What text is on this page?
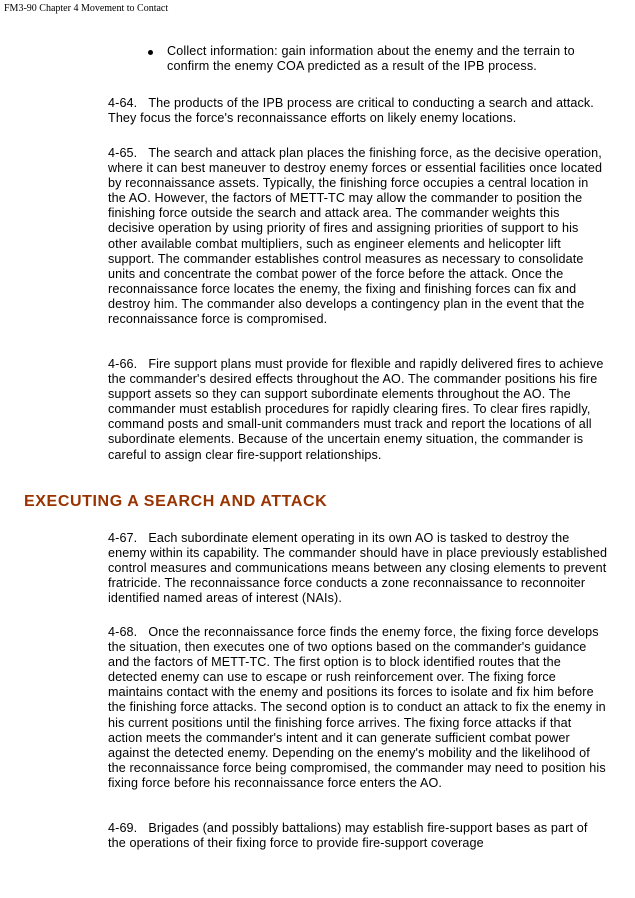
FM3-90 Chapter 4 Movement to Contact
Collect information: gain information about the enemy and the terrain to confirm the enemy COA predicted as a result of the IPB process.

4-64. The products of the IPB process are critical to conducting a search and attack. They focus the force's reconnaissance efforts on likely enemy locations.

4-65. The search and attack plan places the finishing force, as the decisive operation, where it can best maneuver to destroy enemy forces or essential facilities once located by reconnaissance assets. Typically, the finishing force occupies a central location in the AO. However, the factors of METT-TC may allow the commander to position the finishing force outside the search and attack area. The commander weights this decisive operation by using priority of fires and assigning priorities of support to his other available combat multipliers, such as engineer elements and helicopter lift support. The commander establishes control measures as necessary to consolidate units and concentrate the combat power of the force before the attack. Once the reconnaissance force locates the enemy, the fixing and finishing forces can fix and destroy him. The commander also develops a contingency plan in the event that the reconnaissance force is compromised.

4-66. Fire support plans must provide for flexible and rapidly delivered fires to achieve the commander's desired effects throughout the AO. The commander positions his fire support assets so they can support subordinate elements throughout the AO. The commander must establish procedures for rapidly clearing fires. To clear fires rapidly, command posts and small-unit commanders must track and report the locations of all subordinate elements. Because of the uncertain enemy situation, the commander is careful to assign clear fire-support relationships.

EXECUTING A SEARCH AND ATTACK

4-67. Each subordinate element operating in its own AO is tasked to destroy the enemy within its capability. The commander should have in place previously established control measures and communications means between any closing elements to prevent fratricide. The reconnaissance force conducts a zone reconnaissance to reconnoiter identified named areas of interest (NAIs).

4-68. Once the reconnaissance force finds the enemy force, the fixing force develops the situation, then executes one of two options based on the commander's guidance and the factors of METT-TC. The first option is to block identified routes that the detected enemy can use to escape or rush reinforcement over. The fixing force maintains contact with the enemy and positions its forces to isolate and fix him before the finishing force attacks. The second option is to conduct an attack to fix the enemy in his current positions until the finishing force arrives. The fixing force attacks if that action meets the commander's intent and it can generate sufficient combat power against the detected enemy. Depending on the enemy's mobility and the likelihood of the reconnaissance force being compromised, the commander may need to position his fixing force before his reconnaissance force enters the AO.

4-69. Brigades (and possibly battalions) may establish fire-support bases as part of the operations of their fixing force to provide fire-support coverage
